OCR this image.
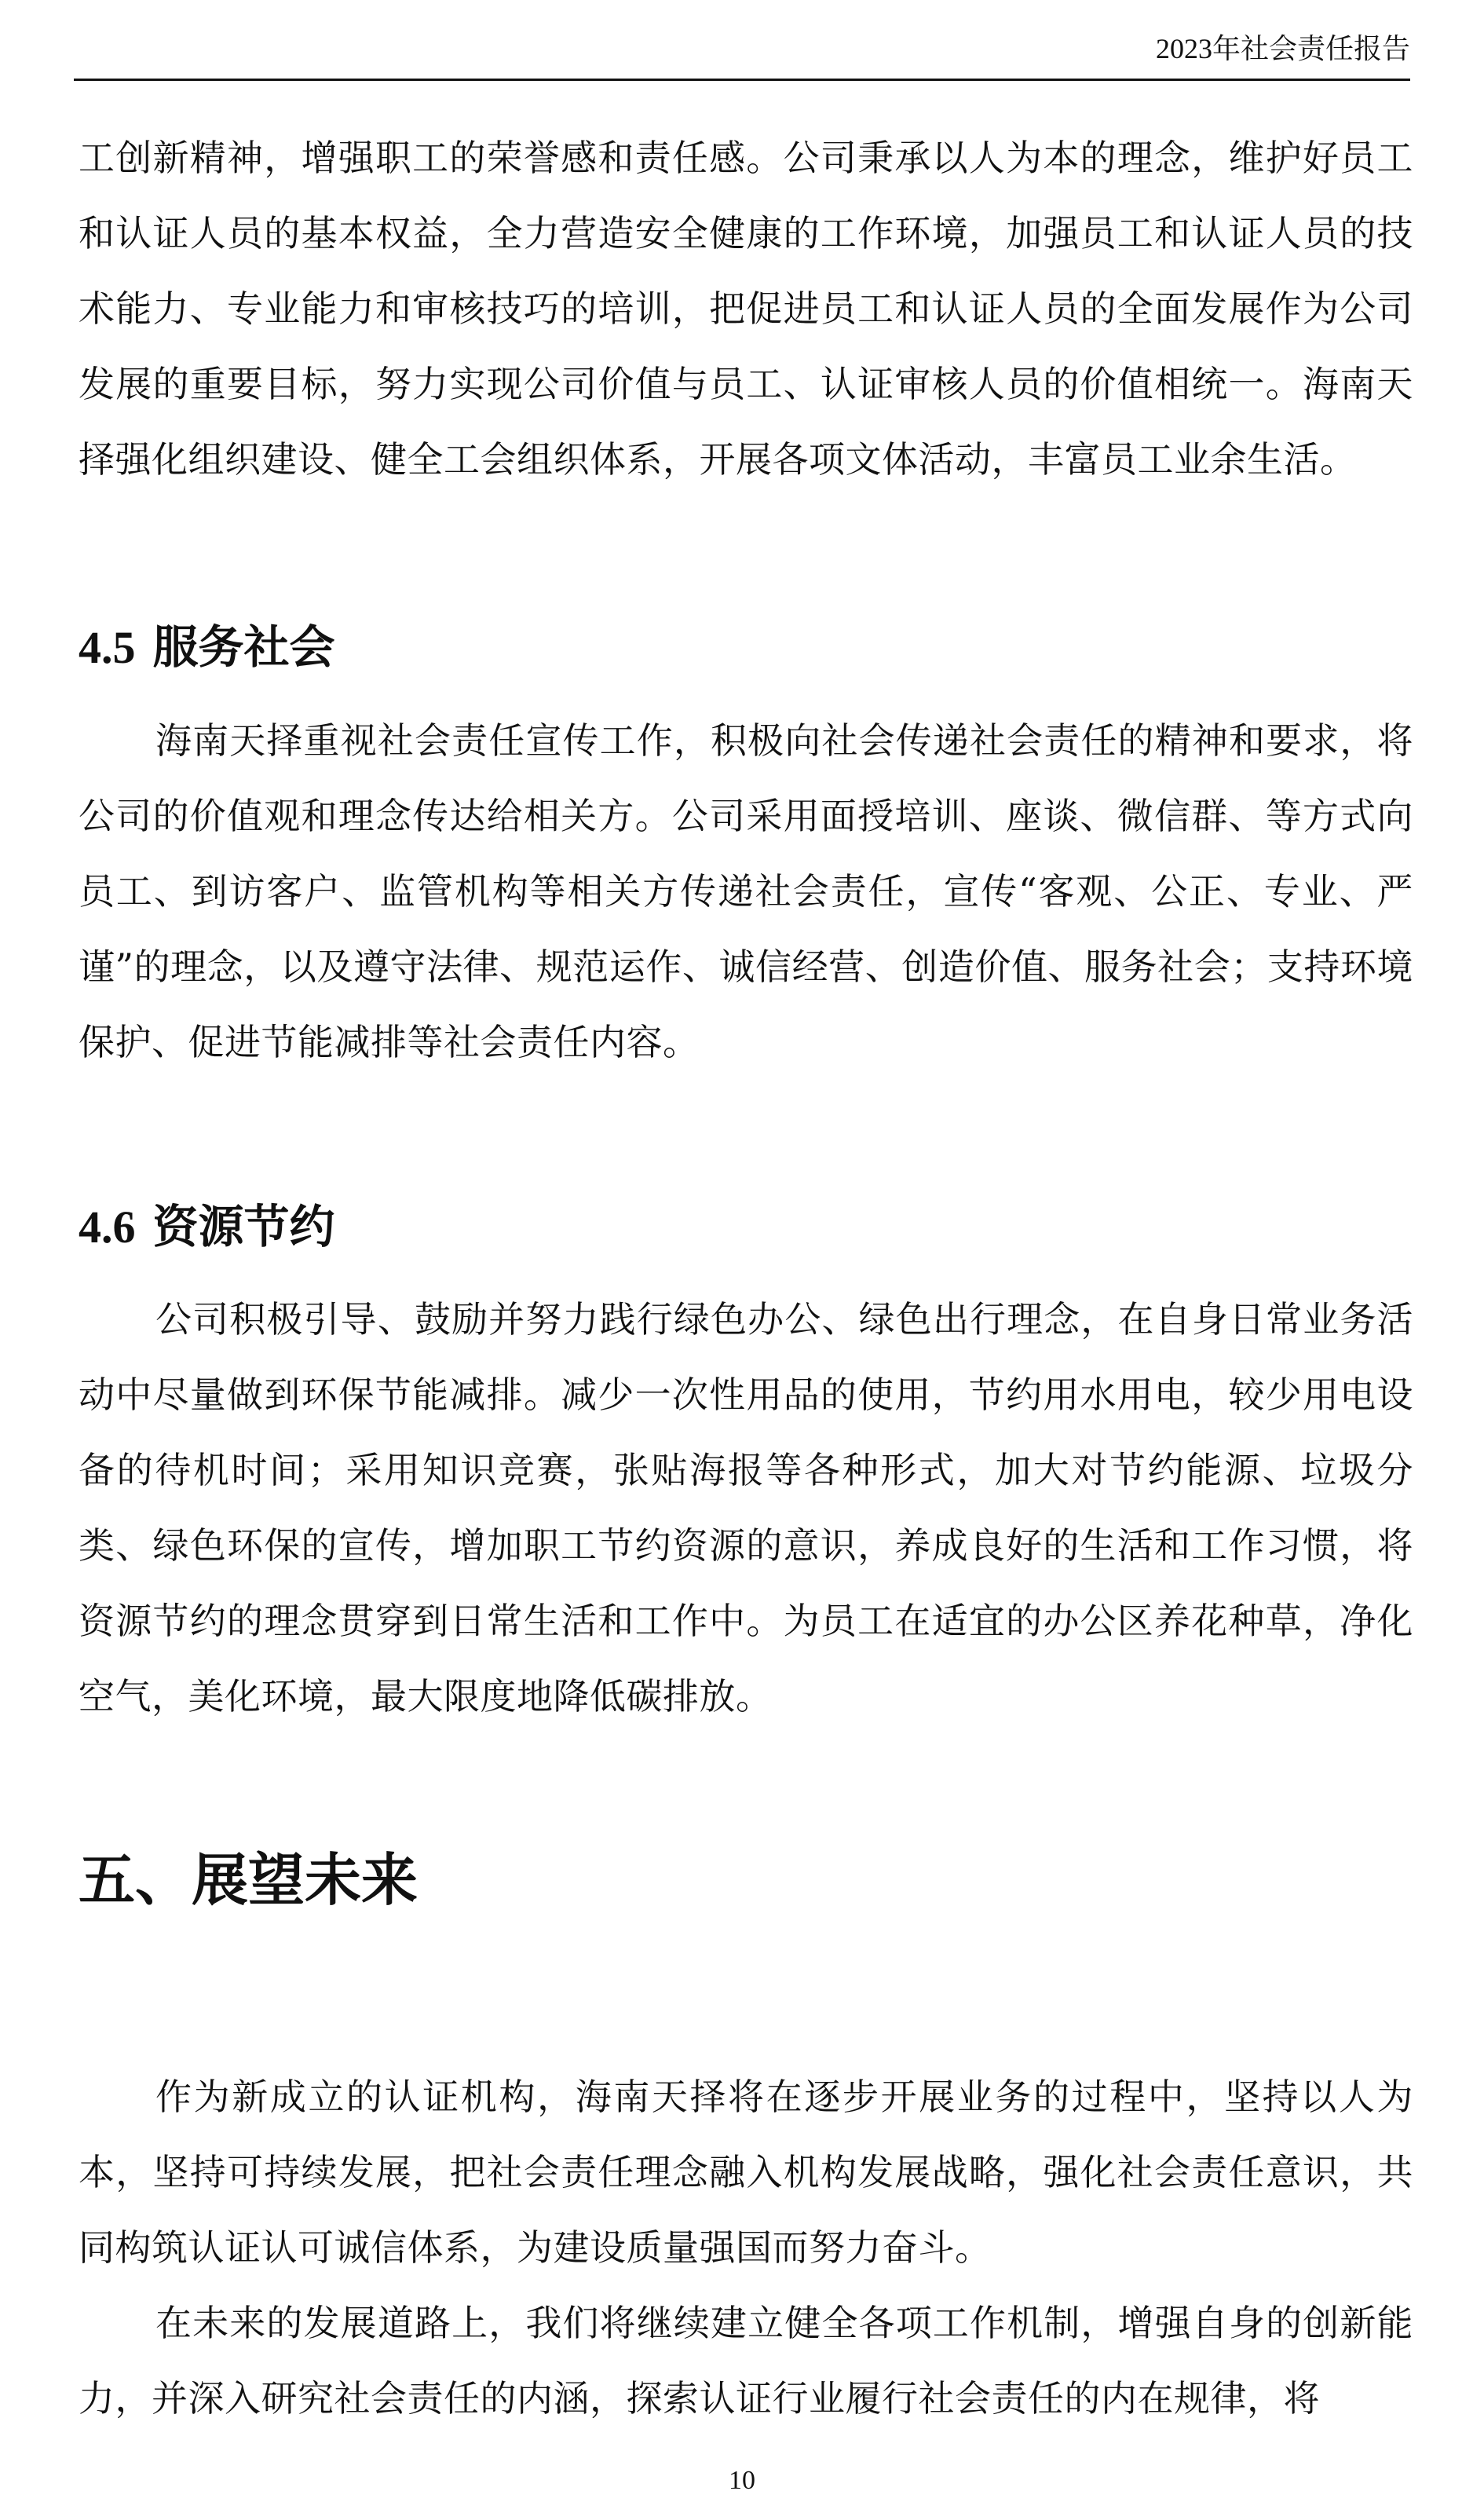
2023年社会责任报告

工创新精神，增强职工的荣誉感和责任感。公司秉承以人为本的理念，维护好员工和认证人员的基本权益，全力营造安全健康的工作环境，加强员工和认证人员的技术能力、专业能力和审核技巧的培训，把促进员工和认证人员的全面发展作为公司发展的重要目标，努力实现公司价值与员工、认证审核人员的价值相统一。海南天择强化组织建设、健全工会组织体系，开展各项文体活动，丰富员工业余生活。

4.5 服务社会

海南天择重视社会责任宣传工作，积极向社会传递社会责任的精神和要求，将公司的价值观和理念传达给相关方。公司采用面授培训、座谈、微信群、等方式向员工、到访客户、监管机构等相关方传递社会责任，宣传“客观、公正、专业、严谨”的理念，以及遵守法律、规范运作、诚信经营、创造价值、服务社会；支持环境保护、促进节能减排等社会责任内容。

4.6 资源节约

公司积极引导、鼓励并努力践行绿色办公、绿色出行理念，在自身日常业务活动中尽量做到环保节能减排。减少一次性用品的使用，节约用水用电，较少用电设备的待机时间；采用知识竞赛，张贴海报等各种形式，加大对节约能源、垃圾分类、绿色环保的宣传，增加职工节约资源的意识，养成良好的生活和工作习惯，将资源节约的理念贯穿到日常生活和工作中。为员工在适宜的办公区养花种草，净化空气，美化环境，最大限度地降低碳排放。

五、展望未来

作为新成立的认证机构，海南天择将在逐步开展业务的过程中，坚持以人为本，坚持可持续发展，把社会责任理念融入机构发展战略，强化社会责任意识，共同构筑认证认可诚信体系，为建设质量强国而努力奋斗。

在未来的发展道路上，我们将继续建立健全各项工作机制，增强自身的创新能力，并深入研究社会责任的内涵，探索认证行业履行社会责任的内在规律，将

10
